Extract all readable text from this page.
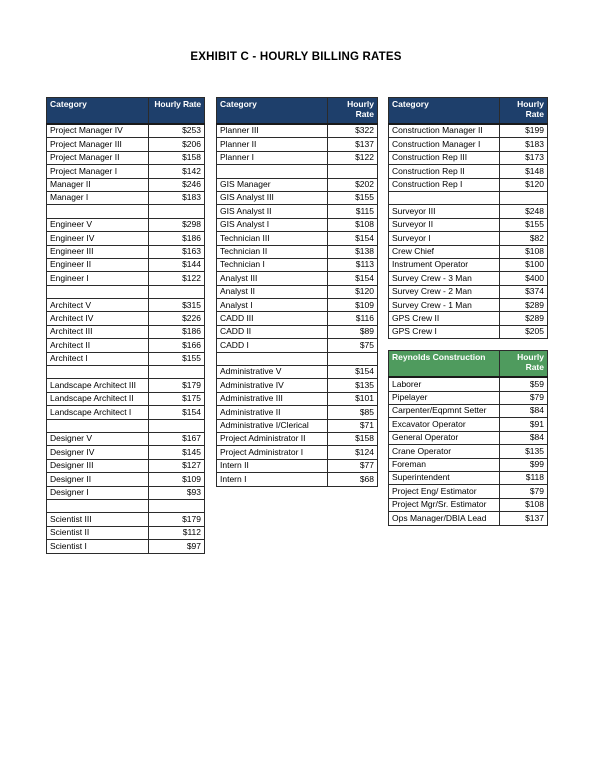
EXHIBIT C - HOURLY BILLING RATES
Category	Hourly Rate
Project Manager IV	$253
Project Manager III	$206
Project Manager II	$158
Project Manager I	$142
Manager II	$246
Manager I	$183

Engineer V	$298
Engineer IV	$186
Engineer III	$163
Engineer II	$144
Engineer I	$122

Architect V	$315
Architect IV	$226
Architect III	$186
Architect II	$166
Architect I	$155

Landscape Architect III	$179
Landscape Architect II	$175
Landscape Architect I	$154

Designer V	$167
Designer IV	$145
Designer III	$127
Designer II	$109
Designer I	$93

Scientist III	$179
Scientist II	$112
Scientist I	$97
Category	Hourly Rate
Planner III	$322
Planner II	$137
Planner I	$122

GIS Manager	$202
GIS Analyst III	$155
GIS Analyst II	$115
GIS Analyst I	$108
Technician III	$154
Technician II	$138
Technician I	$113
Analyst III	$154
Analyst II	$120
Analyst I	$109
CADD III	$116
CADD II	$89
CADD I	$75

Administrative V	$154
Administrative IV	$135
Administrative III	$101
Administrative II	$85
Administrative I/Clerical	$71
Project Administrator II	$158
Project Administrator I	$124
Intern II	$77
Intern I	$68
Category	Hourly Rate
Construction Manager II	$199
Construction Manager I	$183
Construction Rep III	$173
Construction Rep II	$148
Construction Rep I	$120

Surveyor III	$248
Surveyor II	$155
Surveyor I	$82
Crew Chief	$108
Instrument Operator	$100
Survey Crew - 3 Man	$400
Survey Crew - 2 Man	$374
Survey Crew - 1 Man	$289
GPS Crew II	$289
GPS Crew I	$205
Reynolds Construction	Hourly Rate
Laborer	$59
Pipelayer	$79
Carpenter/Eqpmnt Setter	$84
Excavator Operator	$91
General Operator	$84
Crane Operator	$135
Foreman	$99
Superintendent	$118
Project Eng/ Estimator	$79
Project Mgr/Sr. Estimator	$108
Ops Manager/DBIA Lead	$137
